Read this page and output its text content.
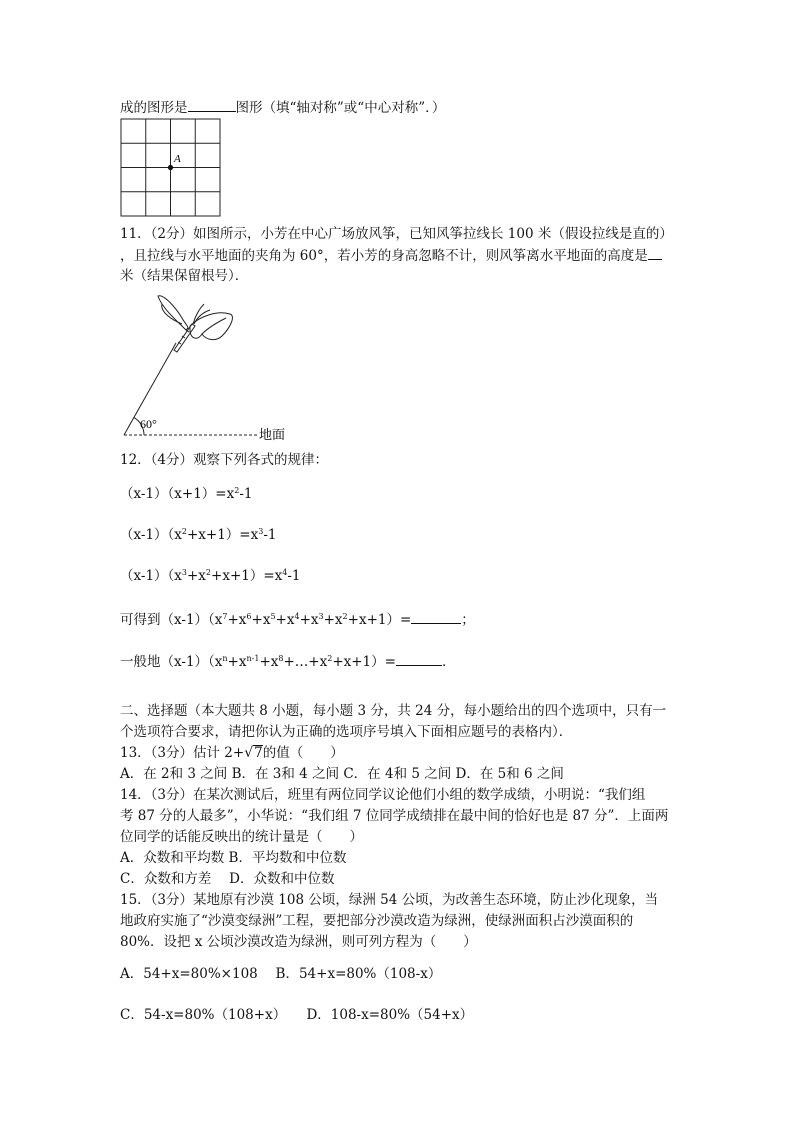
成的图形是	图形（填“轴对称”或“中心对称”．）
A
11．（2分）如图所示，小芳在中心广场放风筝，已知风筝拉线长 100 米（假设拉线是直的）
，且拉线与水平地面的夹角为 60°，若小芳的身高忽略不计，则风筝离水平地面的高度是
米（结果保留根号）．
地面
60°
12．（4分）观察下列各式的规律：
$(x-1)(x+1)=x^2-1$
$(x-1)(x^2+x+1)=x^3-1$
$(x-1)(x^3+x^2+x+1)=x^4-1$
可得到$(x-1)(x^7+x^6+x^5+x^4+x^3+x^2+x+1)=$	；
一般地$(x-1)(x^n+x^{n-1}+x^8+\dots+x^2+x+1)=$	．
二、选择题（本大题共 8 小题，每小题 3 分，共 24 分，每小题给出的四个选项中，只有一
个选项符合要求，请把你认为正确的选项序号填入下面相应题号的表格内）．
13．（3分）估计 2+√7的值（　　）
A．在 2和 3 之间 B．在 3和 4 之间 C．在 4和 5 之间 D．在 5和 6 之间
14．（3分）在某次测试后，班里有两位同学议论他们小组的数学成绩，小明说：“我们组
考 87 分的人最多”，小华说：“我们组 7 位同学成绩排在最中间的恰好也是 87 分”．上面两
位同学的话能反映出的统计量是（　　）
A．众数和平均数 B．平均数和中位数
C．众数和方差　 D．众数和中位数
15．（3分）某地原有沙漠 108 公顷，绿洲 54 公顷，为改善生态环境，防止沙化现象，当
地政府实施了“沙漠变绿洲”工程，要把部分沙漠改造为绿洲，使绿洲面积占沙漠面积的
80%．设把 x 公顷沙漠改造为绿洲，则可列方程为（　　）
A．54+x=80%×108　 B．54+x=80%（108-x）
C．54-x=80%（108+x）　　D．108-x=80%（54+x）
